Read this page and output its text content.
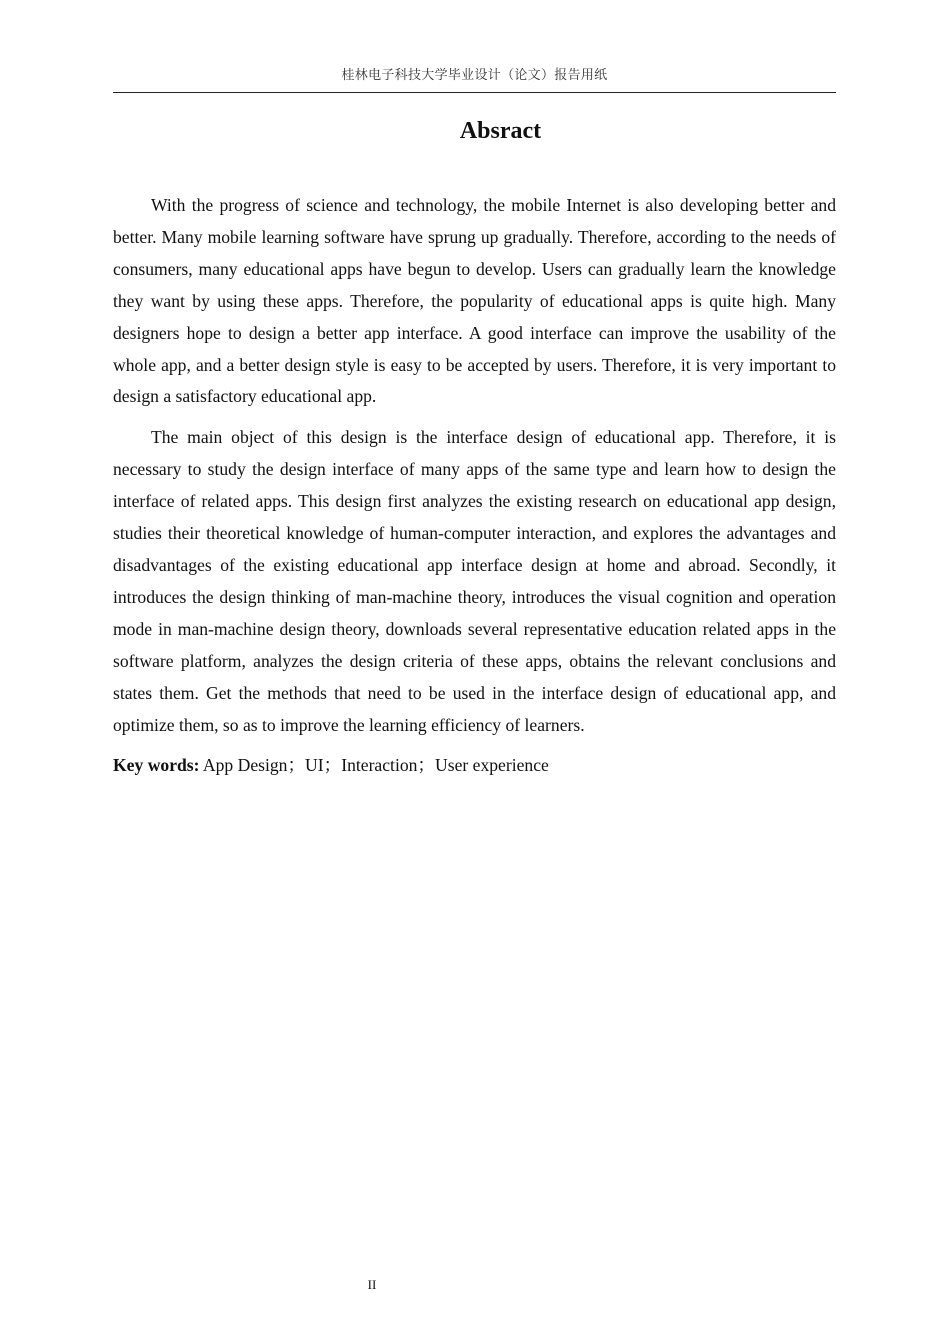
桂林电子科技大学毕业设计（论文）报告用纸
Absract

With the progress of science and technology, the mobile Internet is also developing better and better. Many mobile learning software have sprung up gradually. Therefore, according to the needs of consumers, many educational apps have begun to develop. Users can gradually learn the knowledge they want by using these apps. Therefore, the popularity of educational apps is quite high. Many designers hope to design a better app interface. A good interface can improve the usability of the whole app, and a better design style is easy to be accepted by users. Therefore, it is very important to design a satisfactory educational app.

The main object of this design is the interface design of educational app. Therefore, it is necessary to study the design interface of many apps of the same type and learn how to design the interface of related apps. This design first analyzes the existing research on educational app design, studies their theoretical knowledge of human-computer interaction, and explores the advantages and disadvantages of the existing educational app interface design at home and abroad. Secondly, it introduces the design thinking of man-machine theory, introduces the visual cognition and operation mode in man-machine design theory, downloads several representative education related apps in the software platform, analyzes the design criteria of these apps, obtains the relevant conclusions and states them. Get the methods that need to be used in the interface design of educational app, and optimize them, so as to improve the learning efficiency of learners.

Key words: App Design；UI；Interaction；User experience

II
